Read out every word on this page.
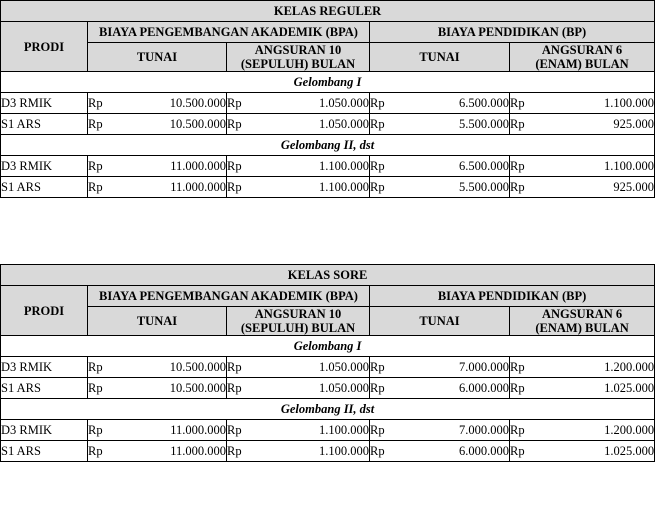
KELAS REGULER								
PRODI	BIAYA PENGEMBANGAN AKADEMIK (BPA)				BIAYA PENDIDIKAN (BP)			
	TUNAI		ANGSURAN 10 (SEPULUH) BULAN		TUNAI		ANGSURAN 6 (ENAM) BULAN	
Gelombang I								
D3 RMIK	Rp	10.500.000	Rp	1.050.000	Rp	6.500.000	Rp	1.100.000
S1 ARS	Rp	10.500.000	Rp	1.050.000	Rp	5.500.000	Rp	925.000
Gelombang II, dst								
D3 RMIK	Rp	11.000.000	Rp	1.100.000	Rp	6.500.000	Rp	1.100.000
S1 ARS	Rp	11.000.000	Rp	1.100.000	Rp	5.500.000	Rp	925.000
KELAS SORE								
PRODI	BIAYA PENGEMBANGAN AKADEMIK (BPA)				BIAYA PENDIDIKAN (BP)			
	TUNAI		ANGSURAN 10 (SEPULUH) BULAN		TUNAI		ANGSURAN 6 (ENAM) BULAN	
Gelombang I								
D3 RMIK	Rp	10.500.000	Rp	1.050.000	Rp	7.000.000	Rp	1.200.000
S1 ARS	Rp	10.500.000	Rp	1.050.000	Rp	6.000.000	Rp	1.025.000
Gelombang II, dst								
D3 RMIK	Rp	11.000.000	Rp	1.100.000	Rp	7.000.000	Rp	1.200.000
S1 ARS	Rp	11.000.000	Rp	1.100.000	Rp	6.000.000	Rp	1.025.000
